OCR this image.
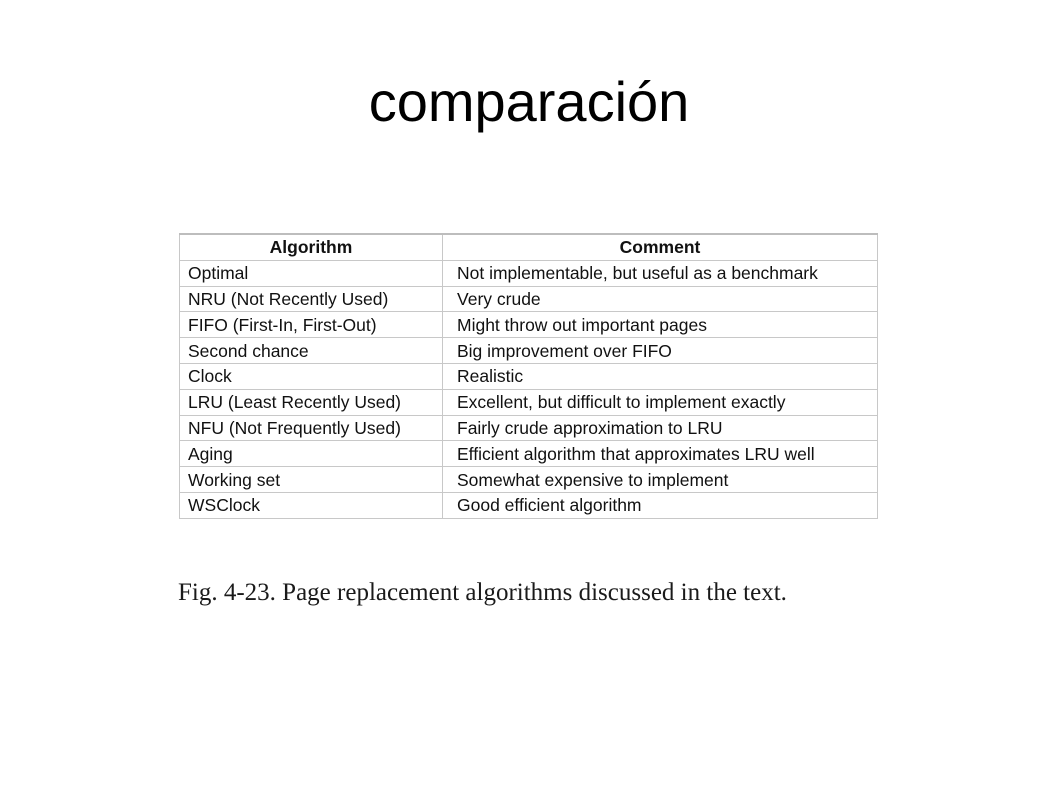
comparación
Algorithm	Comment
Optimal	Not implementable, but useful as a benchmark
NRU (Not Recently Used)	Very crude
FIFO (First-In, First-Out)	Might throw out important pages
Second chance	Big improvement over FIFO
Clock	Realistic
LRU (Least Recently Used)	Excellent, but difficult to implement exactly
NFU (Not Frequently Used)	Fairly crude approximation to LRU
Aging	Efficient algorithm that approximates LRU well
Working set	Somewhat expensive to implement
WSClock	Good efficient algorithm
Fig. 4-23. Page replacement algorithms discussed in the text.
